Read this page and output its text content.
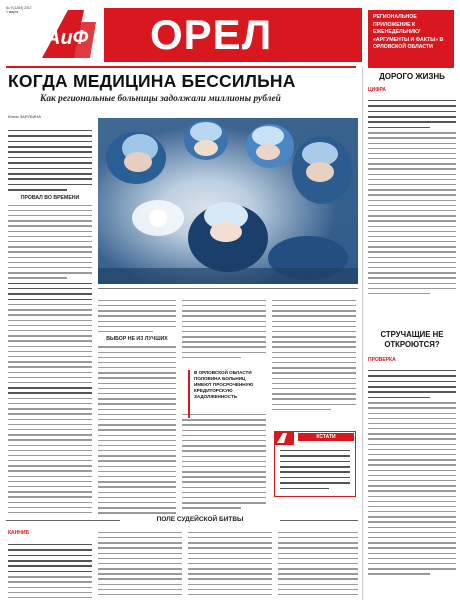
№ 9 (1284) 2017
1 марта
АиФ ОРЕЛ	РЕГИОНАЛЬНОЕ ПРИЛОЖЕНИЕ К ЕЖЕНЕДЕЛЬНИКУ «АРГУМЕНТЫ И ФАКТЫ» В ОРЛОВСКОЙ ОБЛАСТИ
КОГДА МЕДИЦИНА БЕССИЛЬНА
Как региональные больницы задолжали миллионы рублей
Юлия ЗАРУБИНА
ПРОВАЛ ВО ВРЕМЕНИ
ВЫБОР НЕ ИЗ ЛУЧШИХ
В ОРЛОВСКОЙ ОБЛАСТИ ПОЛОВИНА БОЛЬНИЦ ИМЕЮТ ПРОСРОЧЕННУЮ КРЕДИТОРСКУЮ ЗАДОЛЖЕННОСТЬ
КСТАТИ
ДОРОГО ЖИЗНЬ
ЦИФРА
СТРУЧАЩИЕ НЕ ОТКРОЮТСЯ?
ПРОВЕРКА
ПОЛЕ СУДЕЙСКОЙ БИТВЫ
КАННИБ
